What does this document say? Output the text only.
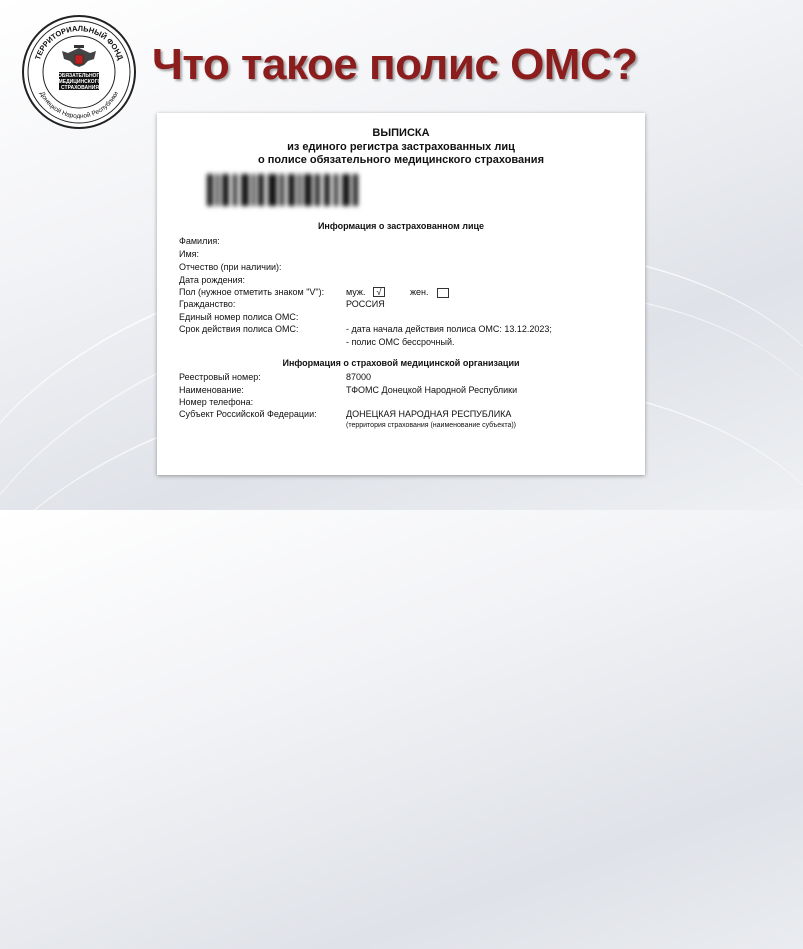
ТЕРРИТОРИАЛЬНЫЙ ФОНД
Донецкой Народной Республики
ОБЯЗАТЕЛЬНОГО
МЕДИЦИНСКОГО
СТРАХОВАНИЯ Что такое полис ОМС?
ВЫПИСКА
из единого регистра застрахованных лиц
о полисе обязательного медицинского страхования
Информация о застрахованном лице
Фамилия:
Имя:
Отчество (при наличии):
Дата рождения:
Пол (нужное отметить знаком "V"): муж.	√	жен.
Гражданство:	РОССИЯ
Единый номер полиса ОМС:
Срок действия полиса ОМС:	- дата начала действия полиса ОМС: 13.12.2023;
- полис ОМС бессрочный.
Информация о страховой медицинской организации
Реестровый номер:	87000
Наименование:	ТФОМС Донецкой Народной Республики
Номер телефона:
Субъект Российской Федерации:	ДОНЕЦКАЯ НАРОДНАЯ РЕСПУБЛИКА
(территория страхования (наименование субъекта))
